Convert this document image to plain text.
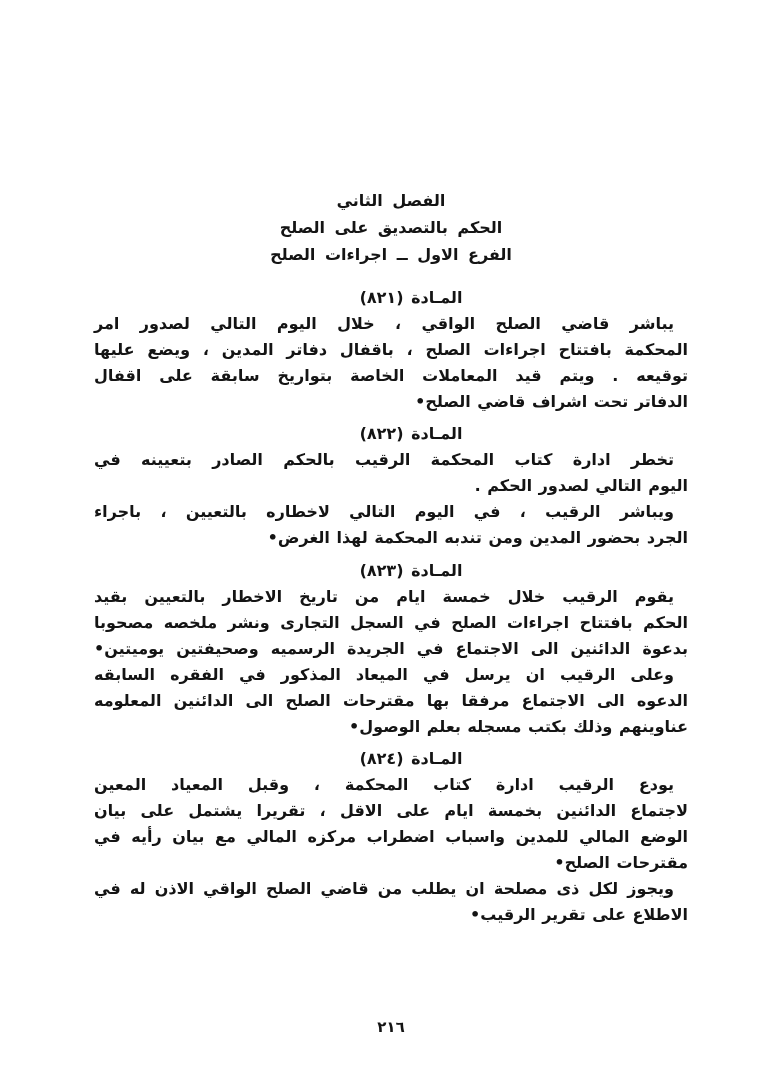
الفصل الثاني
الحكم بالتصديق على الصلح
الفرع الاول ــ اجراءات الصلح
المـادة (٨٢١)
يباشر قاضي الصلح الواقي ، خلال اليوم التالي لصدور امر
المحكمة بافتتاح اجراءات الصلح ، باقفال دفاتر المدين ، ويضع عليها
توقيعه . ويتم قيد المعاملات الخاصة بتواريخ سابقة على اقفال
الدفاتر تحت اشراف قاضي الصلح•
المـادة (٨٢٢)
تخطر ادارة كتاب المحكمة الرقيب بالحكم الصادر بتعيينه في
اليوم التالي لصدور الحكم .
ويباشر الرقيب ، في اليوم التالي لاخطاره بالتعيين ، باجراء
الجرد بحضور المدين ومن تندبه المحكمة لهذا الغرض•
المـادة (٨٢٣)
يقوم الرقيب خلال خمسة ايام من تاريخ الاخطار بالتعيين بقيد
الحكم بافتتاح اجراءات الصلح في السجل التجارى ونشر ملخصه مصحوبا
بدعوة الدائنين الى الاجتماع في الجريدة الرسميه وصحيفتين يوميتين•
وعلى الرقيب ان يرسل في الميعاد المذكور في الفقره السابقه
الدعوه الى الاجتماع مرفقا بها مقترحات الصلح الى الدائنين المعلومه
عناوينهم وذلك بكتب مسجله بعلم الوصول•
المـادة (٨٢٤)
يودع الرقيب ادارة كتاب المحكمة ، وقبل المعياد المعين
لاجتماع الدائنين بخمسة ايام على الاقل ، تقريرا يشتمل على بيان
الوضع المالي للمدين واسباب اضطراب مركزه المالي مع بيان رأيه في
مقترحات الصلح•
ويجوز لكل ذى مصلحة ان يطلب من قاضي الصلح الواقي الاذن له في
الاطلاع على تقرير الرقيب•
٢١٦
